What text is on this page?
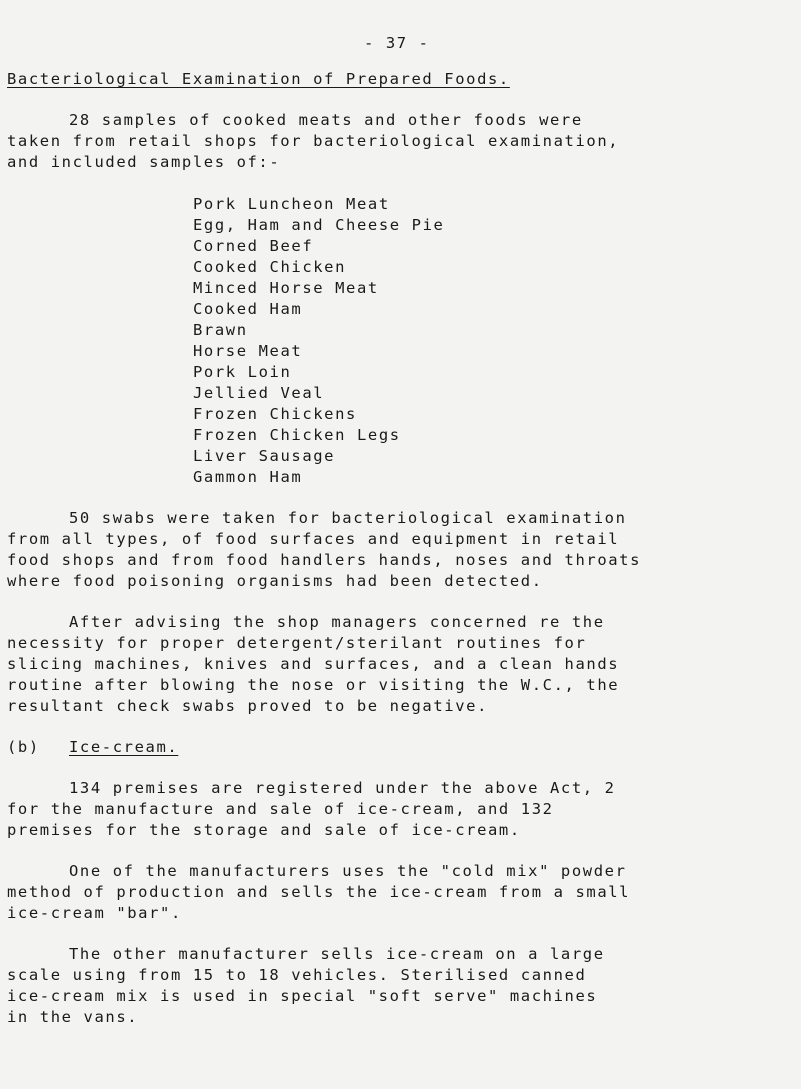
- 37 -
Bacteriological Examination of Prepared Foods.
28 samples of cooked meats and other foods were
taken from retail shops for bacteriological examination,
and included samples of:-
Pork Luncheon Meat
Egg, Ham and Cheese Pie
Corned Beef
Cooked Chicken
Minced Horse Meat
Cooked Ham
Brawn
Horse Meat
Pork Loin
Jellied Veal
Frozen Chickens
Frozen Chicken Legs
Liver Sausage
Gammon Ham
50 swabs were taken for bacteriological examination
from all types, of food surfaces and equipment in retail
food shops and from food handlers hands, noses and throats
where food poisoning organisms had been detected.
After advising the shop managers concerned re the
necessity for proper detergent/sterilant routines for
slicing machines, knives and surfaces, and a clean hands
routine after blowing the nose or visiting the W.C., the
resultant check swabs proved to be negative.
(b) Ice-cream.
134 premises are registered under the above Act, 2
for the manufacture and sale of ice-cream, and 132
premises for the storage and sale of ice-cream.
One of the manufacturers uses the "cold mix" powder
method of production and sells the ice-cream from a small
ice-cream "bar".
The other manufacturer sells ice-cream on a large
scale using from 15 to 18 vehicles. Sterilised canned
ice-cream mix is used in special "soft serve" machines
in the vans.
